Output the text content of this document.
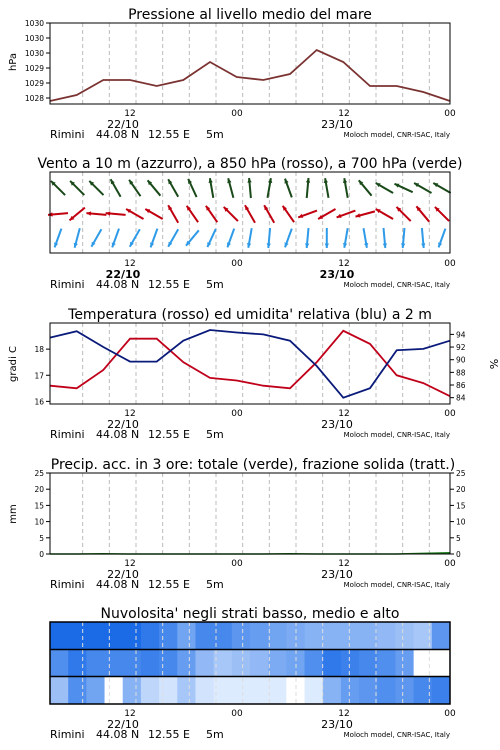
Pressione al livello medio del mare
hPa
1028
1029
1029
1030
1030
1030
12	00	12	00
22/10	23/10
Rimini 44.08 N 12.55 E 5m	Moloch model, CNR-ISAC, Italy
Vento a 10 m (azzurro), a 850 hPa (rosso), a 700 hPa (verde)
12	00	12	00
22/10	23/10
Rimini 44.08 N 12.55 E 5m	Moloch model, CNR-ISAC, Italy
Temperatura (rosso) ed umidita' relativa (blu) a 2 m
gradi C	%
16
17
18
84
86
88
90
92
94
12	00	12	00
22/10	23/10
Rimini 44.08 N 12.55 E 5m	Moloch model, CNR-ISAC, Italy
Precip. acc. in 3 ore: totale (verde), frazione solida (tratt.)
mm
0
5
10
15
20
25
0
5
10
15
20
25
12	00	12	00
22/10	23/10
Rimini 44.08 N 12.55 E 5m	Moloch model, CNR-ISAC, Italy
Nuvolosita' negli strati basso, medio e alto
12	00	12	00
22/10	23/10
Rimini 44.08 N 12.55 E 5m	Moloch model, CNR-ISAC, Italy
